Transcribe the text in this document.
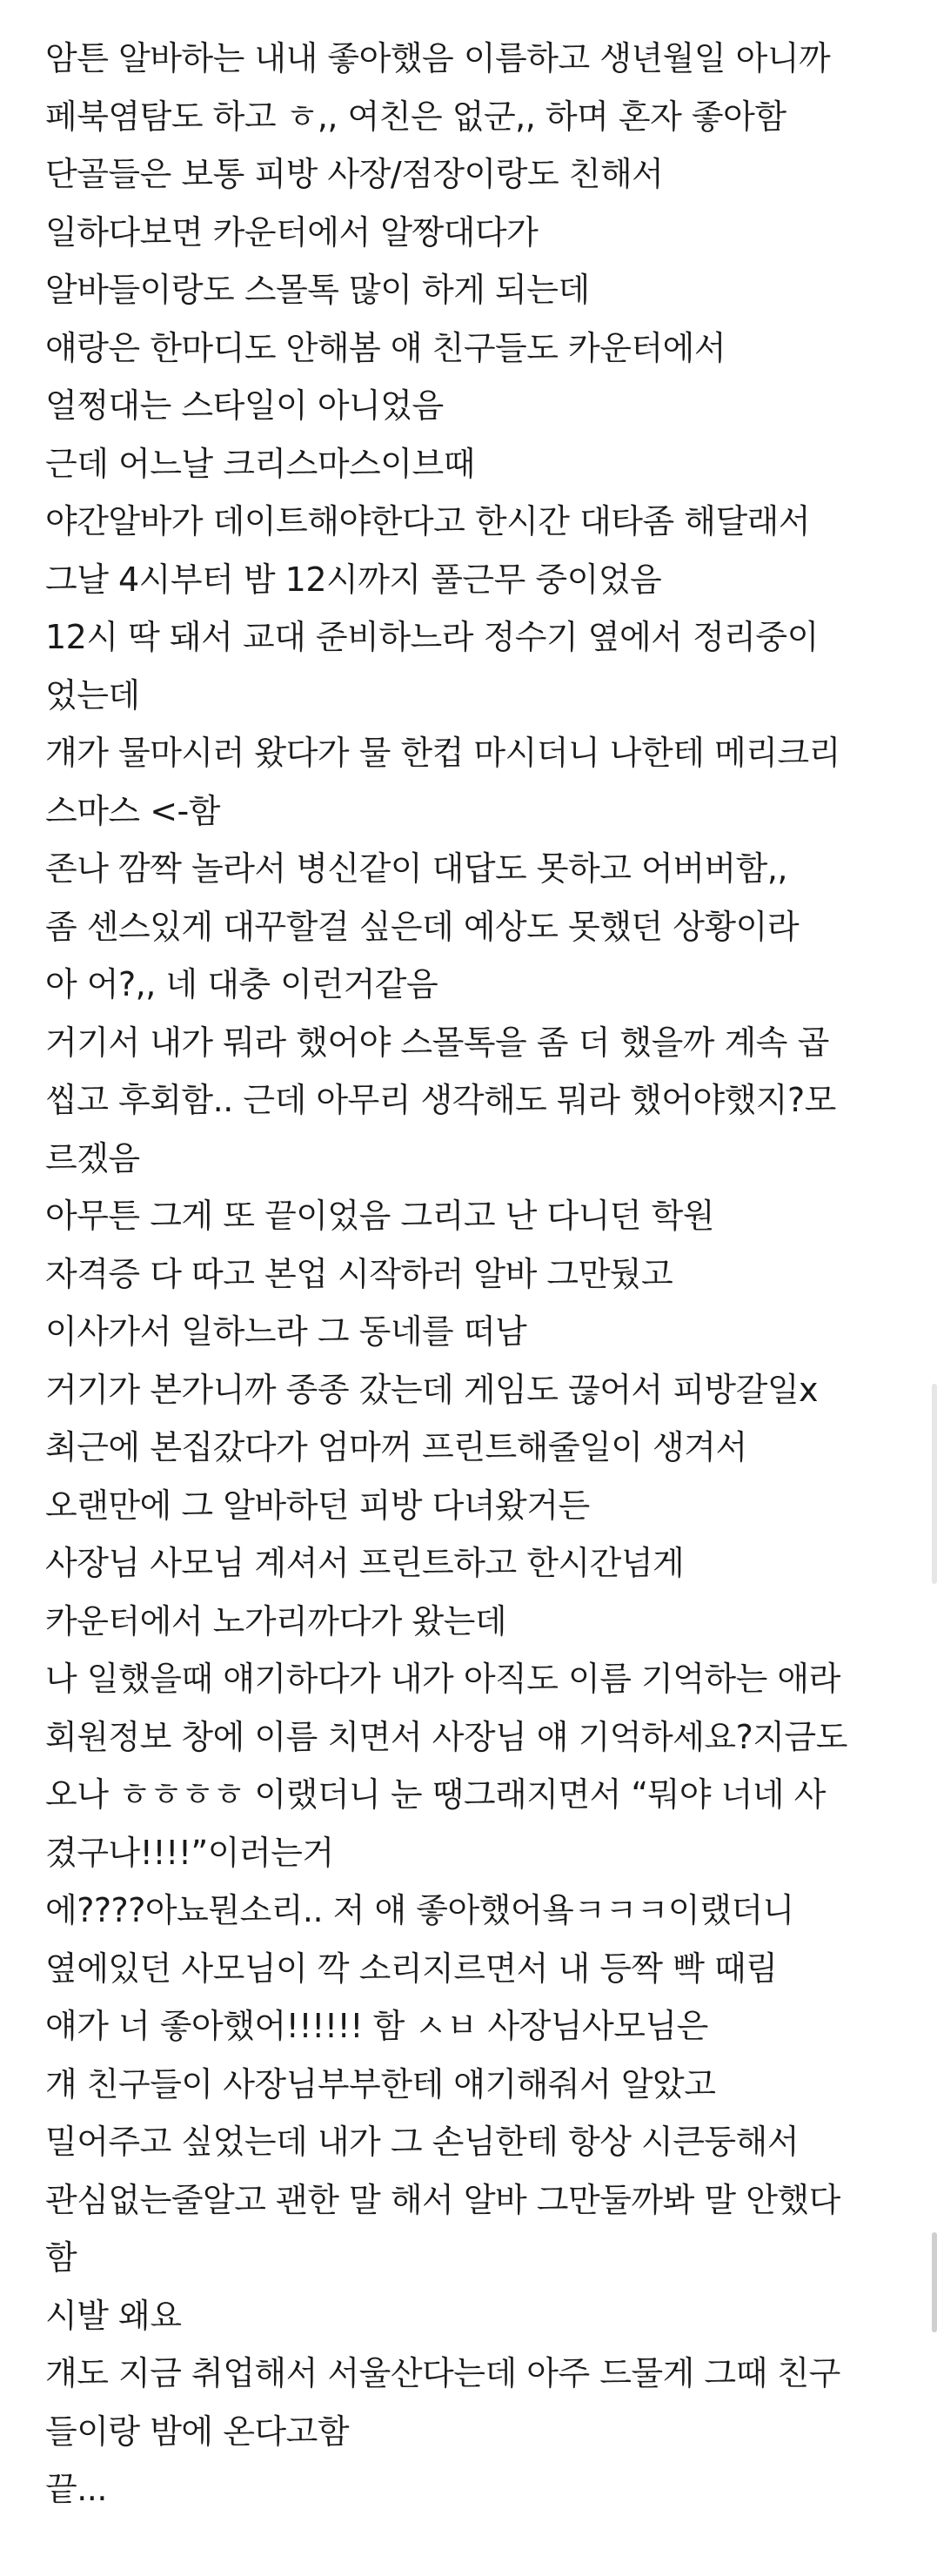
암튼 알바하는 내내 좋아했음 이름하고 생년월일 아니까
페북염탐도 하고 ㅎ,, 여친은 없군,, 하며 혼자 좋아함
단골들은 보통 피방 사장/점장이랑도 친해서
일하다보면 카운터에서 알짱대다가
알바들이랑도 스몰톡 많이 하게 되는데
얘랑은 한마디도 안해봄 얘 친구들도 카운터에서
얼쩡대는 스타일이 아니었음
근데 어느날 크리스마스이브때
야간알바가 데이트해야한다고 한시간 대타좀 해달래서
그날 4시부터 밤 12시까지 풀근무 중이었음
12시 딱 돼서 교대 준비하느라 정수기 옆에서 정리중이
었는데
걔가 물마시러 왔다가 물 한컵 마시더니 나한테 메리크리
스마스 <-함
존나 깜짝 놀라서 병신같이 대답도 못하고 어버버함,,
좀 센스있게 대꾸할걸 싶은데 예상도 못했던 상황이라
아 어?,, 네 대충 이런거같음
거기서 내가 뭐라 했어야 스몰톡을 좀 더 했을까 계속 곱
씹고 후회함.. 근데 아무리 생각해도 뭐라 했어야했지?모
르겠음
아무튼 그게 또 끝이었음 그리고 난 다니던 학원
자격증 다 따고 본업 시작하러 알바 그만뒀고
이사가서 일하느라 그 동네를 떠남
거기가 본가니까 종종 갔는데 게임도 끊어서 피방갈일x
최근에 본집갔다가 엄마꺼 프린트해줄일이 생겨서
오랜만에 그 알바하던 피방 다녀왔거든
사장님 사모님 계셔서 프린트하고 한시간넘게
카운터에서 노가리까다가 왔는데
나 일했을때 얘기하다가 내가 아직도 이름 기억하는 애라
회원정보 창에 이름 치면서 사장님 얘 기억하세요?지금도
오나 ㅎㅎㅎㅎ 이랬더니 눈 땡그래지면서 “뭐야 너네 사
겼구나!!!!”이러는거
에????아뇨뭔소리.. 저 얘 좋아했어욬ㅋㅋㅋ이랬더니
옆에있던 사모님이 깍 소리지르면서 내 등짝 빡 때림
얘가 너 좋아했어!!!!!! 함 ㅅㅂ 사장님사모님은
걔 친구들이 사장님부부한테 얘기해줘서 알았고
밀어주고 싶었는데 내가 그 손님한테 항상 시큰둥해서
관심없는줄알고 괜한 말 해서 알바 그만둘까봐 말 안했다
함
시발 왜요
걔도 지금 취업해서 서울산다는데 아주 드물게 그때 친구
들이랑 밤에 온다고함
끝...
